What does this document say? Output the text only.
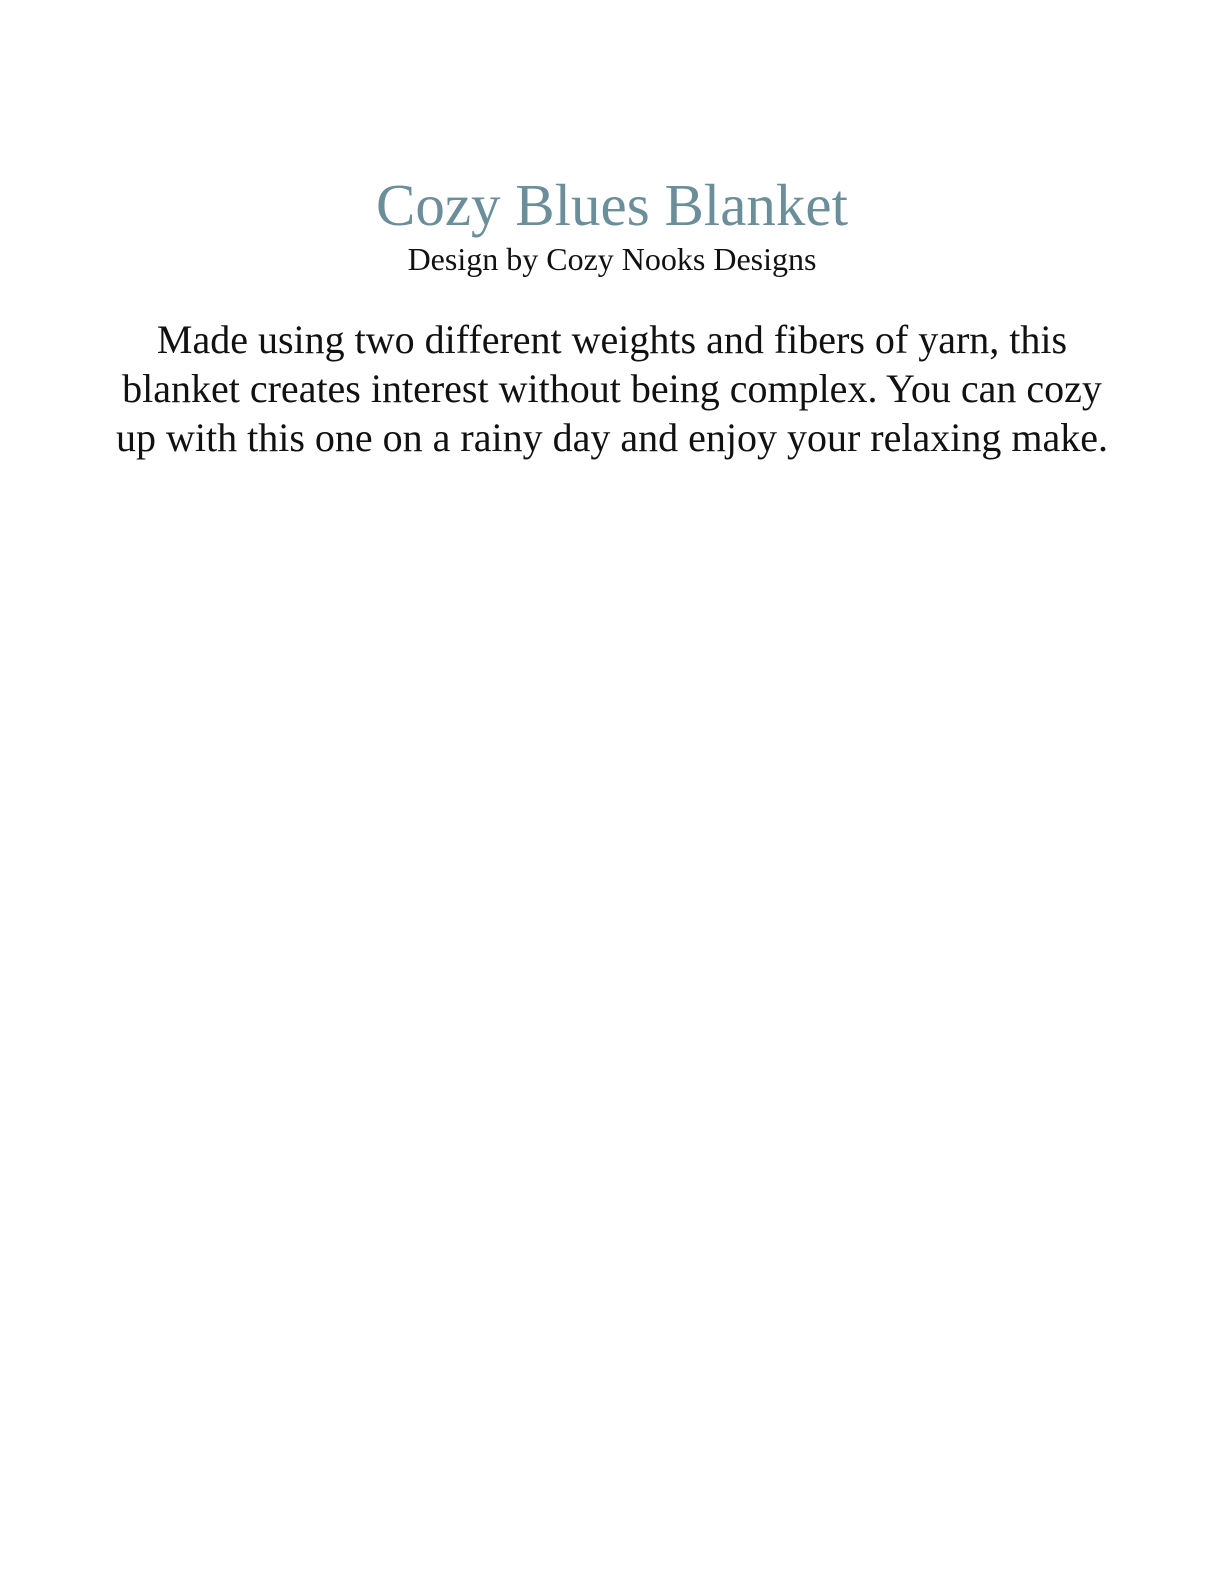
Cozy Blues Blanket

Design by Cozy Nooks Designs

Made using two different weights and fibers of yarn, this
blanket creates interest without being complex. You can cozy
up with this one on a rainy day and enjoy your relaxing make.
